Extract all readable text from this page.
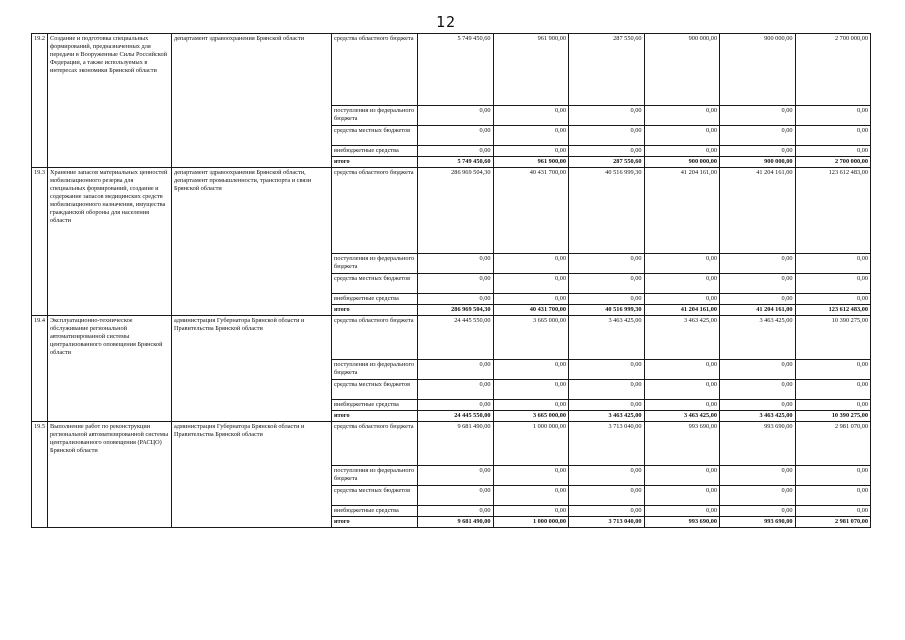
12
19.2	Создание и подготовка специальных формирований, предназначенных для передачи в Вооруженные Силы Российской Федерации, а также используемых в интересах экономики Брянской области	департамент здравоохранения Брянской области	средства областного бюджета	5 749 450,60	961 900,00	287 550,60	900 000,00	900 000,00	2 700 000,00
			поступления из федерального бюджета	0,00	0,00	0,00	0,00	0,00	0,00
			средства местных бюджетов	0,00	0,00	0,00	0,00	0,00	0,00
			внебюджетные средства	0,00	0,00	0,00	0,00	0,00	0,00
			итого	5 749 450,60	961 900,00	287 550,60	900 000,00	900 000,00	2 700 000,00
19.3	Хранение запасов материальных ценностей мобилизационного резерва для специальных формирований, создание и содержание запасов медицинских средств мобилизационного назначения, имущества гражданской обороны для населения области	департамент здравоохранения Брянской области, департамент промышленности, транспорта и связи Брянской области	средства областного бюджета	286 969 504,30	40 431 700,00	40 516 999,30	41 204 161,00	41 204 161,00	123 612 483,00
			поступления из федерального бюджета	0,00	0,00	0,00	0,00	0,00	0,00
			средства местных бюджетов	0,00	0,00	0,00	0,00	0,00	0,00
			внебюджетные средства	0,00	0,00	0,00	0,00	0,00	0,00
			итого	286 969 504,30	40 431 700,00	40 516 999,30	41 204 161,00	41 204 161,00	123 612 483,00
19.4	Эксплуатационно-техническое обслуживание региональной автоматизированной системы централизованного оповещения Брянской области	администрация Губернатора Брянской области и Правительства Брянской области	средства областного бюджета	24 445 550,00	3 665 000,00	3 463 425,00	3 463 425,00	3 463 425,00	10 390 275,00
			поступления из федерального бюджета	0,00	0,00	0,00	0,00	0,00	0,00
			средства местных бюджетов	0,00	0,00	0,00	0,00	0,00	0,00
			внебюджетные средства	0,00	0,00	0,00	0,00	0,00	0,00
			итого	24 445 550,00	3 665 000,00	3 463 425,00	3 463 425,00	3 463 425,00	10 390 275,00
19.5	Выполнение работ по реконструкции региональной автоматизированной системы централизованного оповещения (РАСЦО) Брянской области	администрация Губернатора Брянской области и Правительства Брянской области	средства областного бюджета	9 681 490,00	1 000 000,00	3 713 040,00	993 690,00	993 690,00	2 981 070,00
			поступления из федерального бюджета	0,00	0,00	0,00	0,00	0,00	0,00
			средства местных бюджетов	0,00	0,00	0,00	0,00	0,00	0,00
			внебюджетные средства	0,00	0,00	0,00	0,00	0,00	0,00
			итого	9 681 490,00	1 000 000,00	3 713 040,00	993 690,00	993 690,00	2 981 070,00
